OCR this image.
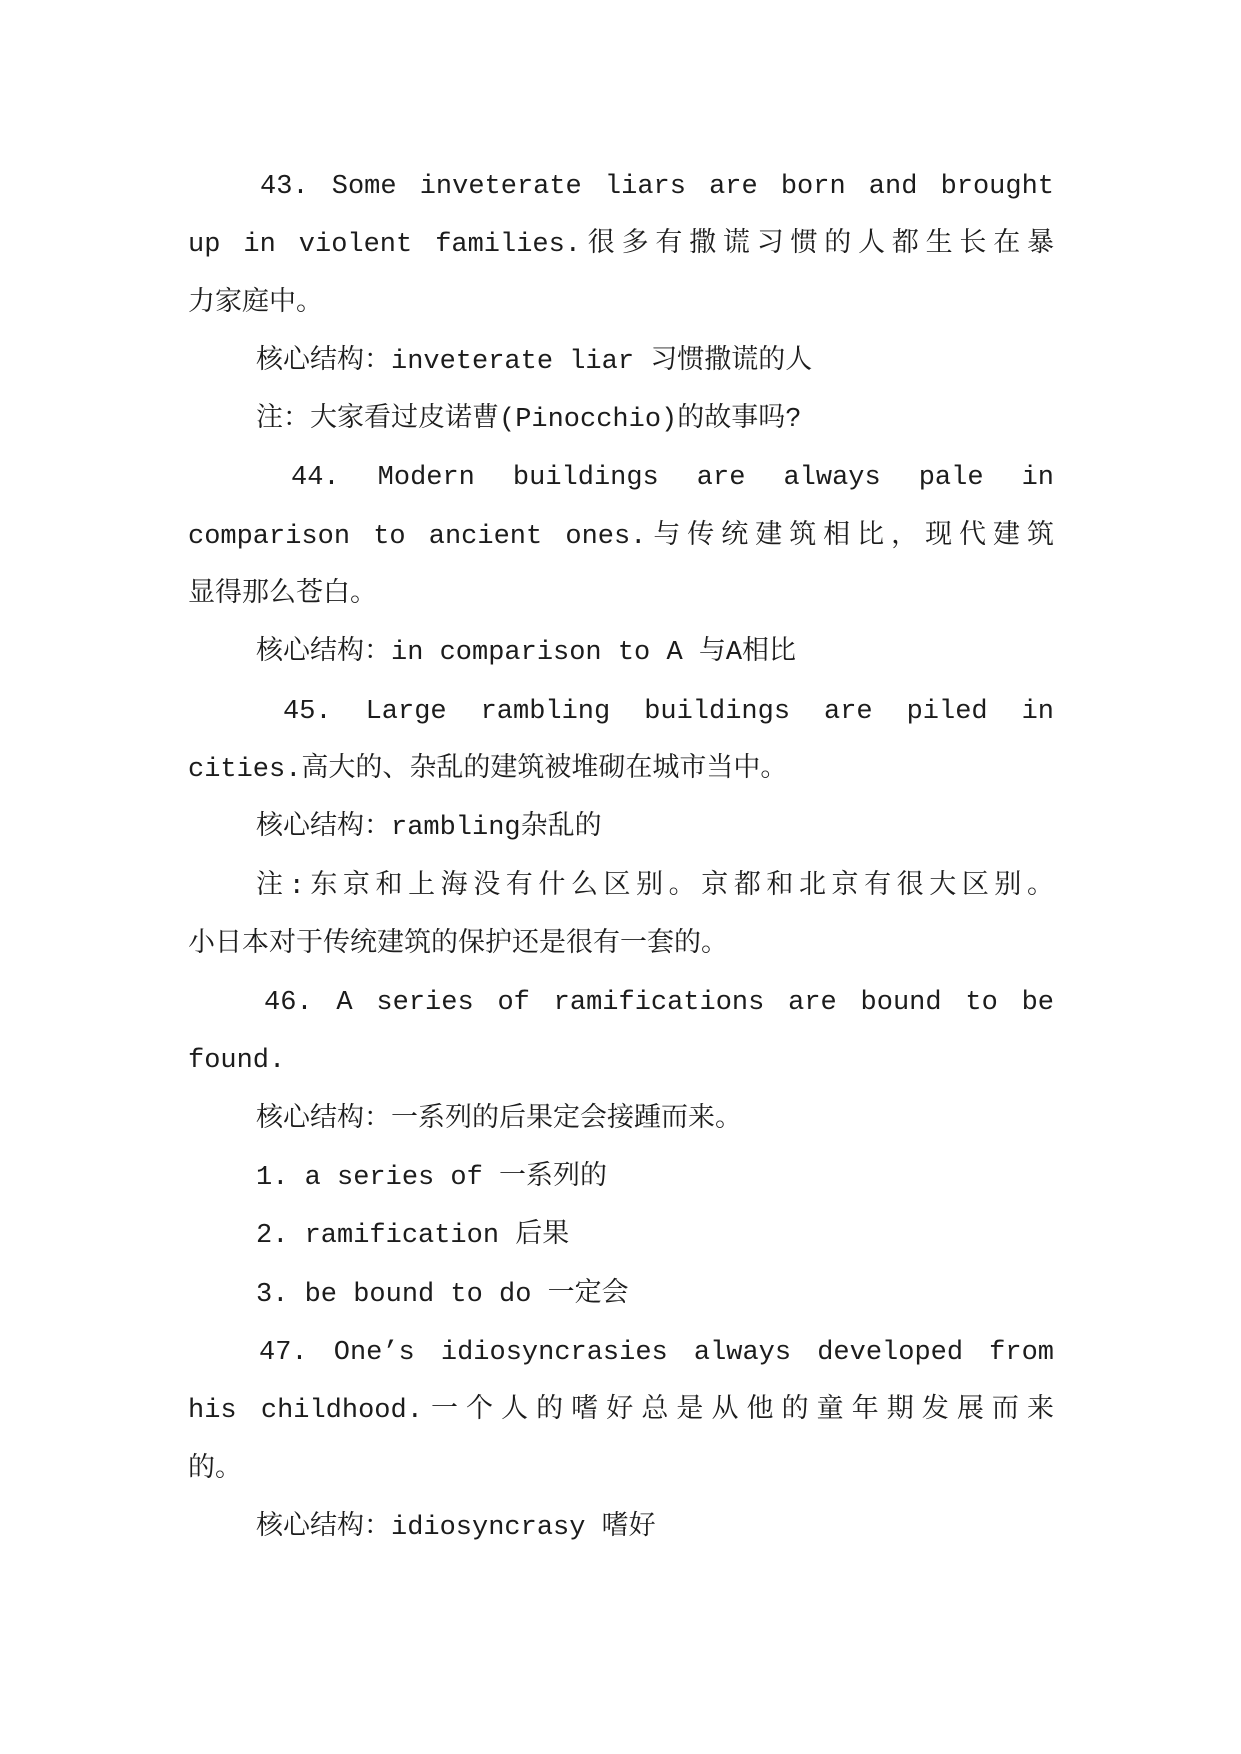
43. Some inveterate liars are born and brought
up in violent families.很多有撒谎习惯的人都生长在暴
力家庭中。
核心结构：inveterate liar 习惯撒谎的人
注：大家看过皮诺曹(Pinocchio)的故事吗?
44. Modern buildings are always pale in
comparison to ancient ones.与传统建筑相比，现代建筑
显得那么苍白。
核心结构：in comparison to A 与A相比
45. Large rambling buildings are piled in
cities.高大的、杂乱的建筑被堆砌在城市当中。
核心结构：rambling杂乱的
注:东京和上海没有什么区别。京都和北京有很大区别。
小日本对于传统建筑的保护还是很有一套的。
46. A series of ramifications are bound to be
found.
核心结构：一系列的后果定会接踵而来。
1. a series of 一系列的
2. ramification 后果
3. be bound to do 一定会
47. One’s idiosyncrasies always developed from
his childhood.一个人的嗜好总是从他的童年期发展而来
的。
核心结构：idiosyncrasy 嗜好
